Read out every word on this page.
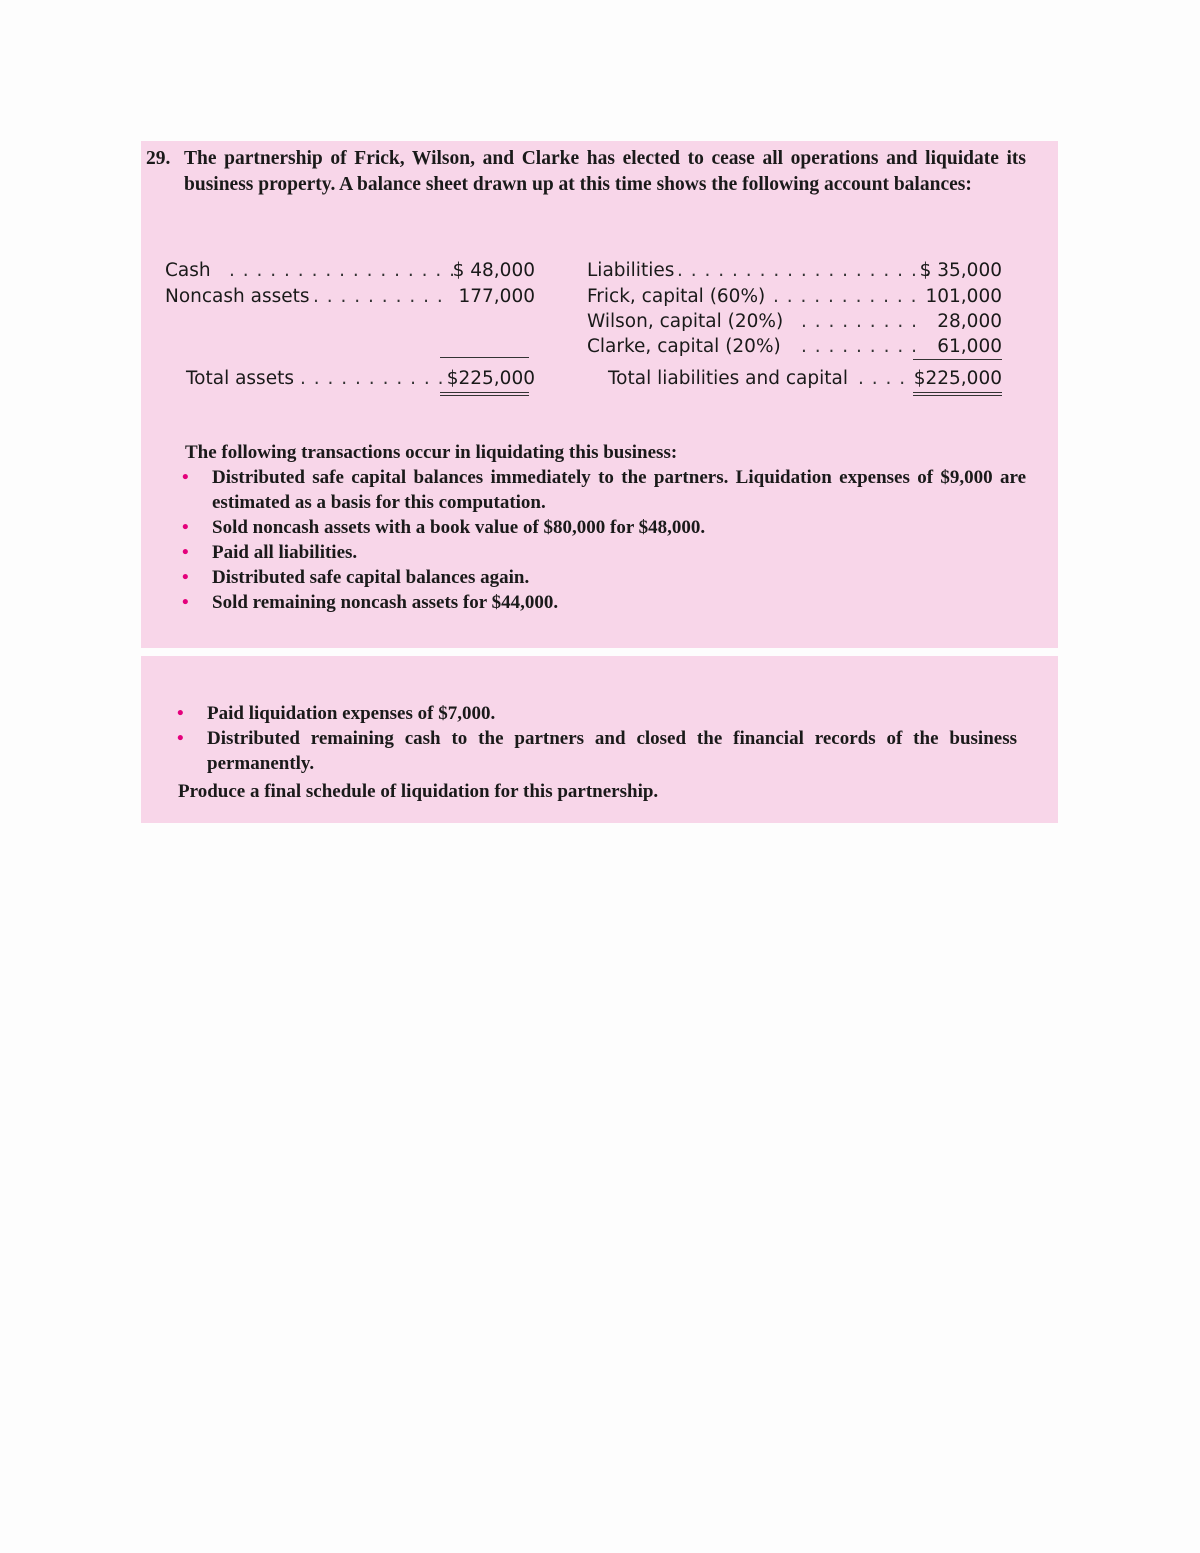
29. The partnership of Frick, Wilson, and Clarke has elected to cease all operations and liquidate its business property. A balance sheet drawn up at this time shows the following account balances:
Cash . . . . . . . . . . . . . . . . .
$ 48,000
Noncash assets . . . . . . . . . . 177,000
Total assets . . . . . . . . . . . $225,000
Liabilities . . . . . . . . . . . . . . . . . . .
$ 35,000
Frick, capital (60%) . . . . . . . . . . . 101,000
Wilson, capital (20%) . . . . . . . . .	28,000
Clarke, capital (20%) . . . . . . . . .	61,000
Total liabilities and capital . . . . $225,000
The following transactions occur in liquidating this business:
• Distributed safe capital balances immediately to the partners. Liquidation expenses of $9,000 are estimated as a basis for this computation.
• Sold noncash assets with a book value of $80,000 for $48,000.
• Paid all liabilities.
• Distributed safe capital balances again.
• Sold remaining noncash assets for $44,000.
• Paid liquidation expenses of $7,000.
• Distributed remaining cash to the partners and closed the financial records of the business permanently.
Produce a final schedule of liquidation for this partnership.
